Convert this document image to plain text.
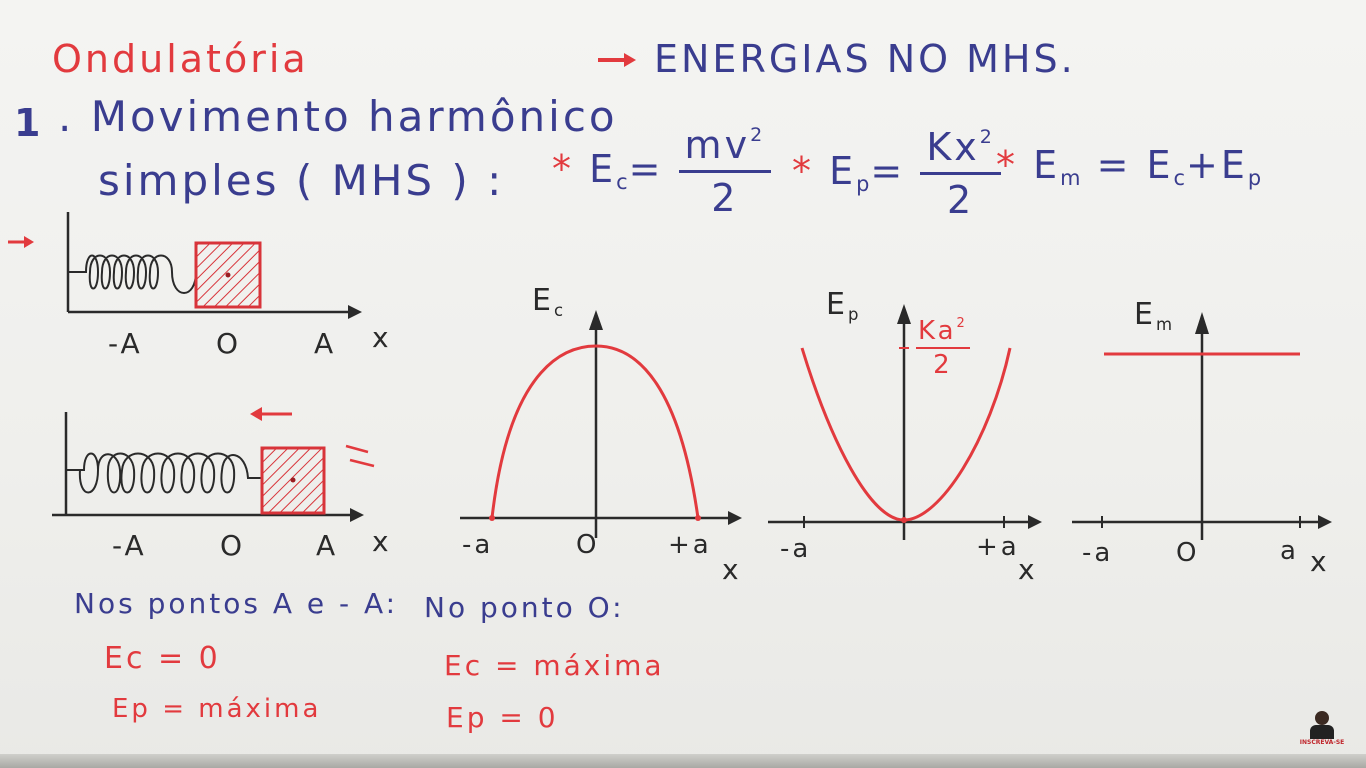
Ondulatória
1 . Movimento harmônico
simples ( MHS ) :
ENERGIAS NO MHS.
* $Ec= \frac{mv^2}{2} * Ep= \frac{Kx^2}{2}$
* Em = Ec+Ep
-A	O	A x
-A	O	A x
Nos pontos A e - A:
Ec = 0
Ep = máxima
No ponto O:
Ec = máxima
Ep = 0
Ec
-a	O	+a
x
Ep
$\frac{Ka^2}{2}$
-a	+a
x
Em
-a O	a x
INSCREVA-SE
